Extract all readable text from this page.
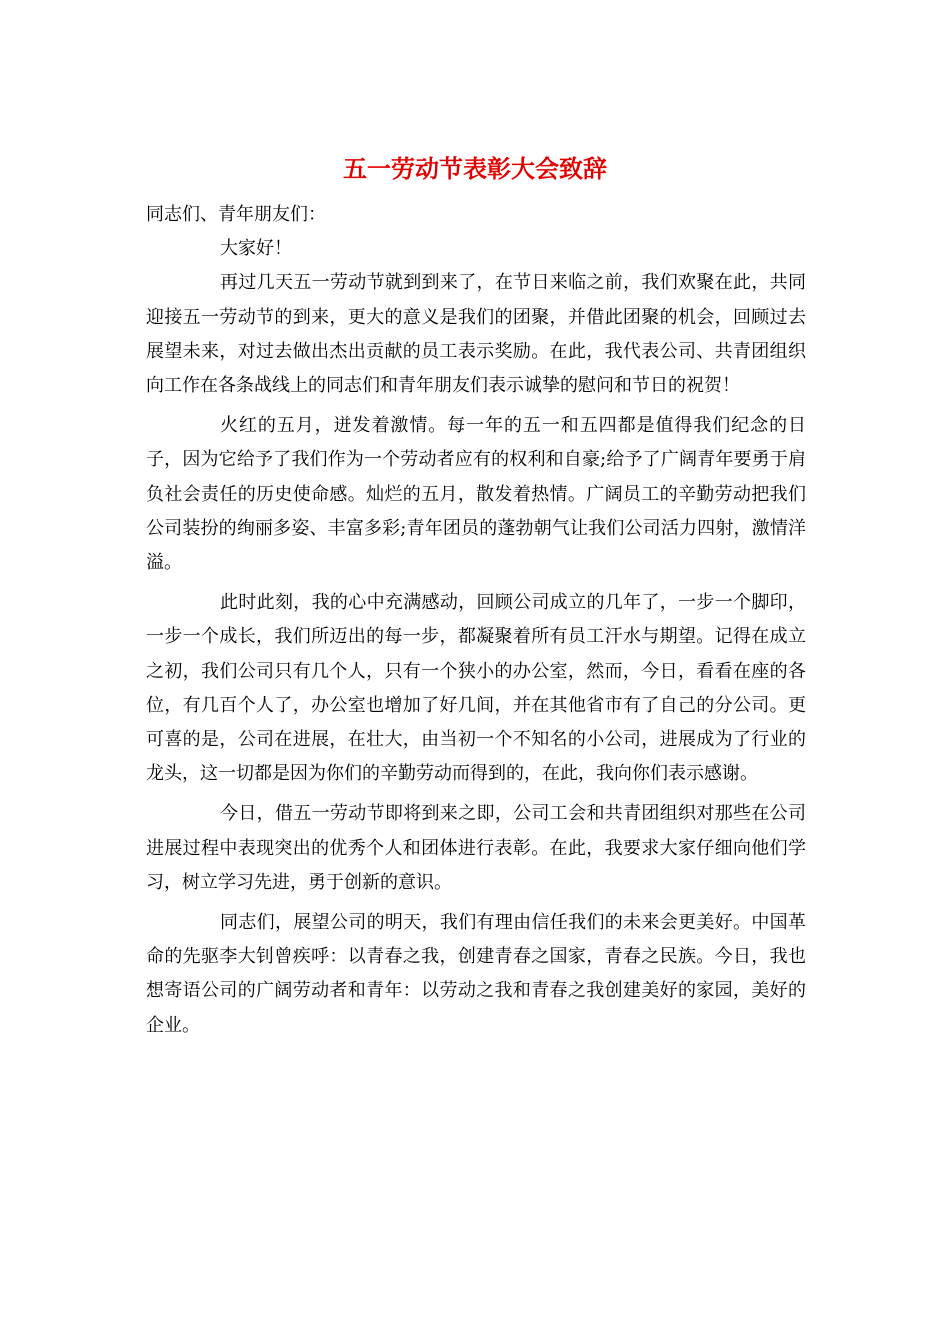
五一劳动节表彰大会致辞

同志们、青年朋友们：

大家好！

再过几天五一劳动节就到到来了，在节日来临之前，我们欢聚在此，共同迎接五一劳动节的到来，更大的意义是我们的团聚，并借此团聚的机会，回顾过去展望未来，对过去做出杰出贡献的员工表示奖励。在此，我代表公司、共青团组织向工作在各条战线上的同志们和青年朋友们表示诚挚的慰问和节日的祝贺！

火红的五月，迸发着激情。每一年的五一和五四都是值得我们纪念的日子，因为它给予了我们作为一个劳动者应有的权利和自豪;给予了广阔青年要勇于肩负社会责任的历史使命感。灿烂的五月，散发着热情。广阔员工的辛勤劳动把我们公司装扮的绚丽多姿、丰富多彩;青年团员的蓬勃朝气让我们公司活力四射，激情洋溢。

此时此刻，我的心中充满感动，回顾公司成立的几年了，一步一个脚印，一步一个成长，我们所迈出的每一步，都凝聚着所有员工汗水与期望。记得在成立之初，我们公司只有几个人，只有一个狭小的办公室，然而，今日，看看在座的各位，有几百个人了，办公室也增加了好几间，并在其他省市有了自己的分公司。更可喜的是，公司在进展，在壮大，由当初一个不知名的小公司，进展成为了行业的龙头，这一切都是因为你们的辛勤劳动而得到的，在此，我向你们表示感谢。

今日，借五一劳动节即将到来之即，公司工会和共青团组织对那些在公司进展过程中表现突出的优秀个人和团体进行表彰。在此，我要求大家仔细向他们学习，树立学习先进，勇于创新的意识。

同志们，展望公司的明天，我们有理由信任我们的未来会更美好。中国革命的先驱李大钊曾疾呼：以青春之我，创建青春之国家，青春之民族。今日，我也想寄语公司的广阔劳动者和青年：以劳动之我和青春之我创建美好的家园，美好的企业。
